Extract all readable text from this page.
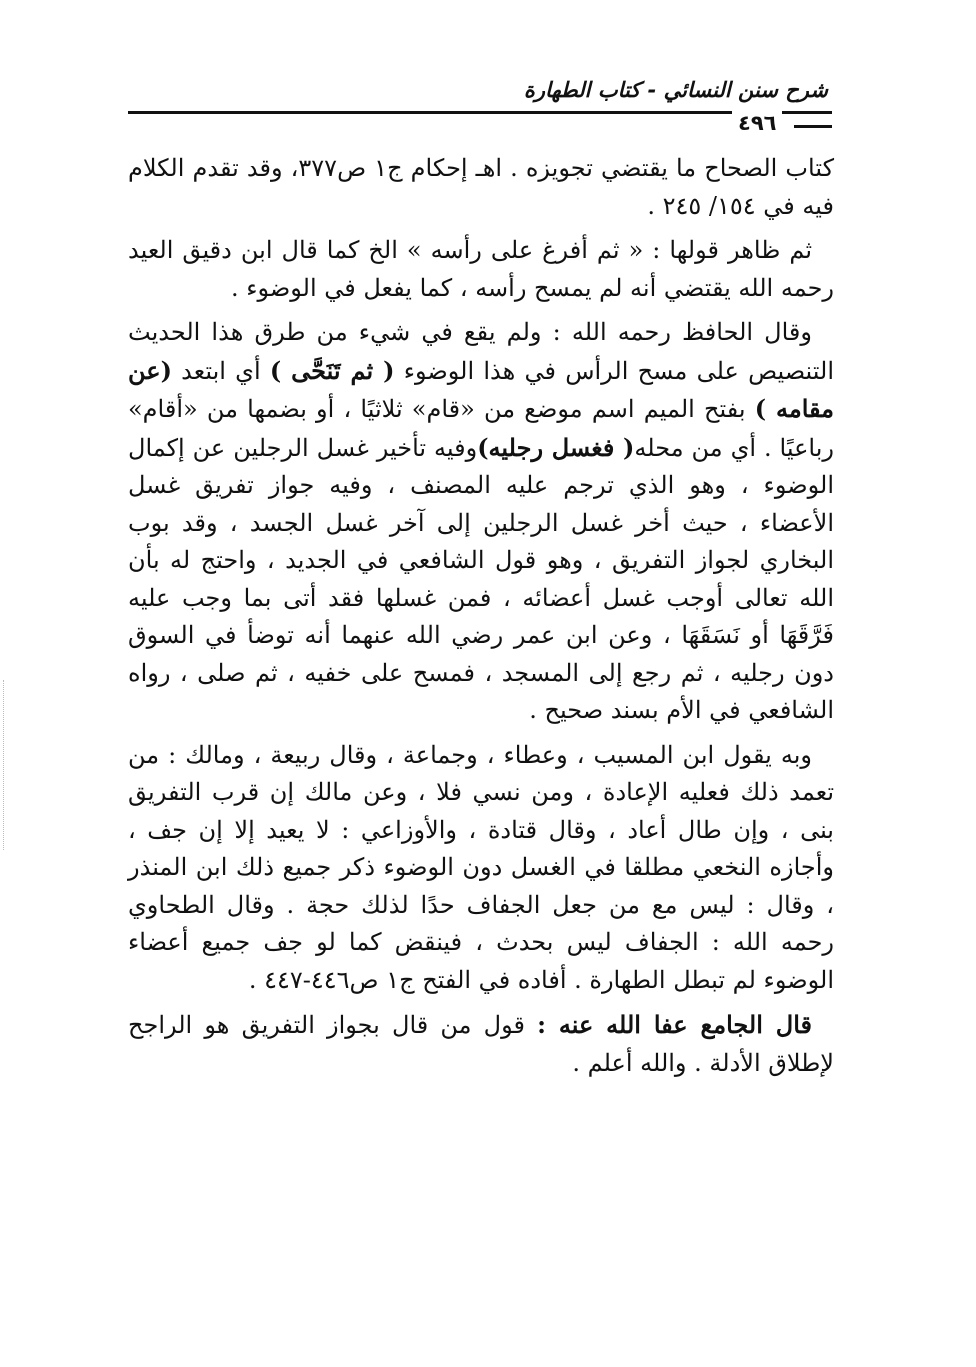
شرح سنن النسائي - كتاب الطهارة
٤٩٦

كتاب الصحاح ما يقتضي تجويزه . اهـ إحكام ج١ ص٣٧٧، وقد تقدم الكلام فيه في ١٥٤/ ٢٤٥ .

ثم ظاهر قولها : « ثم أفرغ على رأسه » الخ كما قال ابن دقيق العيد رحمه الله يقتضي أنه لم يمسح رأسه ، كما يفعل في الوضوء .

وقال الحافظ رحمه الله : ولم يقع في شيء من طرق هذا الحديث التنصيص على مسح الرأس في هذا الوضوء ( ثم تَنَحَّى ) أي ابتعد (عن مقامه ) بفتح الميم اسم موضع من «قام» ثلاثيًا ، أو بضمها من «أقام» رباعيًا . أي من محله( فغسل رجليه)وفيه تأخير غسل الرجلين عن إكمال الوضوء ، وهو الذي ترجم عليه المصنف ، وفيه جواز تفريق غسل الأعضاء ، حيث أخر غسل الرجلين إلى آخر غسل الجسد ، وقد بوب البخاري لجواز التفريق ، وهو قول الشافعي في الجديد ، واحتج له بأن الله تعالى أوجب غسل أعضائه ، فمن غسلها فقد أتى بما وجب عليه فَرَّقَهَا أو نَسَقَهَا ، وعن ابن عمر رضي الله عنهما أنه توضأ في السوق دون رجليه ، ثم رجع إلى المسجد ، فمسح على خفيه ، ثم صلى ، رواه الشافعي في الأم بسند صحيح .

وبه يقول ابن المسيب ، وعطاء ، وجماعة ، وقال ربيعة ، ومالك : من تعمد ذلك فعليه الإعادة ، ومن نسي فلا ، وعن مالك إن قرب التفريق بنى ، وإن طال أعاد ، وقال قتادة ، والأوزاعي : لا يعيد إلا إن جف ، وأجازه النخعي مطلقا في الغسل دون الوضوء ذكر جميع ذلك ابن المنذر ، وقال : ليس مع من جعل الجفاف حدًا لذلك حجة . وقال الطحاوي رحمه الله : الجفاف ليس بحدث ، فينقض كما لو جف جميع أعضاء الوضوء لم تبطل الطهارة . أفاده في الفتح ج١ ص٤٤٦-٤٤٧ .

قال الجامع عفا الله عنه : قول من قال بجواز التفريق هو الراجح لإطلاق الأدلة . والله أعلم .
